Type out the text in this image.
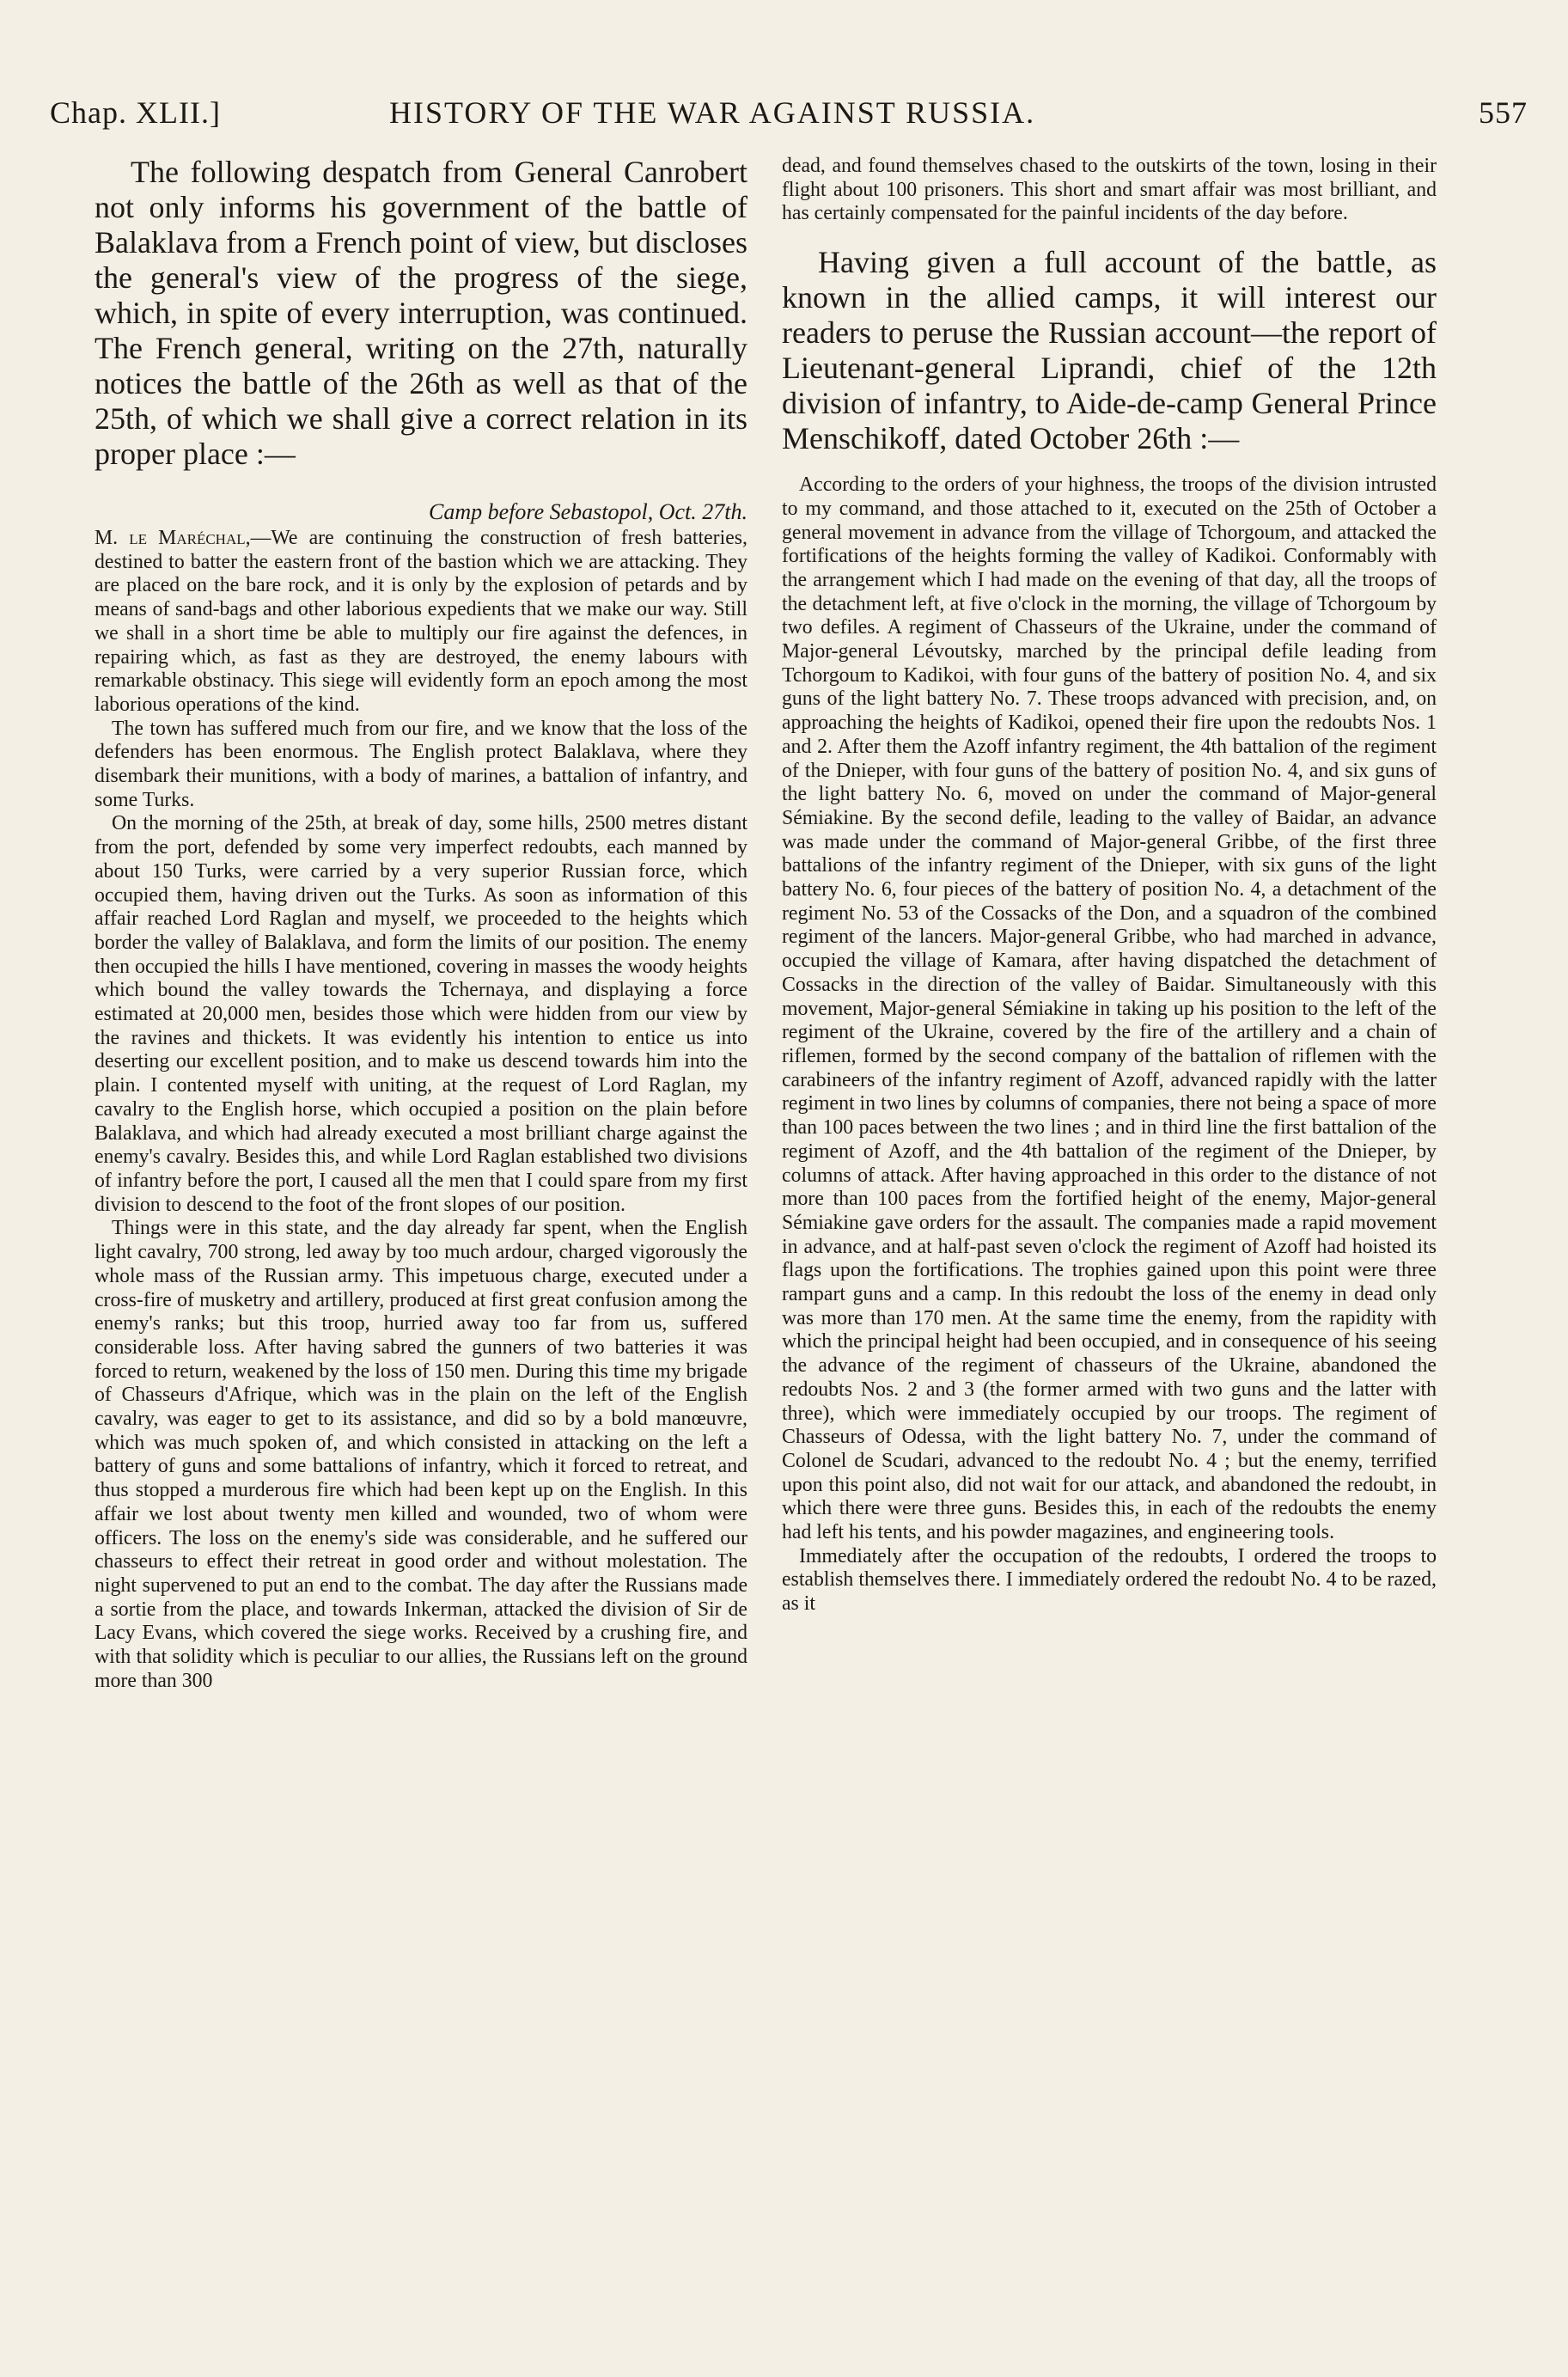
Chap. XLII.]	HISTORY OF THE WAR AGAINST RUSSIA.	557

The following despatch from General Canrobert not only informs his government of the battle of Balaklava from a French point of view, but discloses the general's view of the progress of the siege, which, in spite of every interruption, was continued. The French general, writing on the 27th, naturally notices the battle of the 26th as well as that of the 25th, of which we shall give a correct relation in its proper place :—

Camp before Sebastopol, Oct. 27th.

M. le Maréchal,—We are continuing the construction of fresh batteries, destined to batter the eastern front of the bastion which we are attacking. They are placed on the bare rock, and it is only by the explosion of petards and by means of sand-bags and other laborious expedients that we make our way. Still we shall in a short time be able to multiply our fire against the defences, in repairing which, as fast as they are destroyed, the enemy labours with remarkable obstinacy. This siege will evidently form an epoch among the most laborious operations of the kind.

The town has suffered much from our fire, and we know that the loss of the defenders has been enormous. The English protect Balaklava, where they disembark their munitions, with a body of marines, a battalion of infantry, and some Turks.

On the morning of the 25th, at break of day, some hills, 2500 metres distant from the port, defended by some very imperfect redoubts, each manned by about 150 Turks, were carried by a very superior Russian force, which occupied them, having driven out the Turks. As soon as information of this affair reached Lord Raglan and myself, we proceeded to the heights which border the valley of Balaklava, and form the limits of our position. The enemy then occupied the hills I have mentioned, covering in masses the woody heights which bound the valley towards the Tchernaya, and displaying a force estimated at 20,000 men, besides those which were hidden from our view by the ravines and thickets. It was evidently his intention to entice us into deserting our excellent position, and to make us descend towards him into the plain. I contented myself with uniting, at the request of Lord Raglan, my cavalry to the English horse, which occupied a position on the plain before Balaklava, and which had already executed a most brilliant charge against the enemy's cavalry. Besides this, and while Lord Raglan established two divisions of infantry before the port, I caused all the men that I could spare from my first division to descend to the foot of the front slopes of our position.

Things were in this state, and the day already far spent, when the English light cavalry, 700 strong, led away by too much ardour, charged vigorously the whole mass of the Russian army. This impetuous charge, executed under a cross-fire of musketry and artillery, produced at first great confusion among the enemy's ranks; but this troop, hurried away too far from us, suffered considerable loss. After having sabred the gunners of two batteries it was forced to return, weakened by the loss of 150 men. During this time my brigade of Chasseurs d'Afrique, which was in the plain on the left of the English cavalry, was eager to get to its assistance, and did so by a bold manœuvre, which was much spoken of, and which consisted in attacking on the left a battery of guns and some battalions of infantry, which it forced to retreat, and thus stopped a murderous fire which had been kept up on the English. In this affair we lost about twenty men killed and wounded, two of whom were officers. The loss on the enemy's side was considerable, and he suffered our chasseurs to effect their retreat in good order and without molestation. The night supervened to put an end to the combat. The day after the Russians made a sortie from the place, and towards Inkerman, attacked the division of Sir de Lacy Evans, which covered the siege works. Received by a crushing fire, and with that solidity which is peculiar to our allies, the Russians left on the ground more than 300

dead, and found themselves chased to the outskirts of the town, losing in their flight about 100 prisoners. This short and smart affair was most brilliant, and has certainly compensated for the painful incidents of the day before.

Having given a full account of the battle, as known in the allied camps, it will interest our readers to peruse the Russian account—the report of Lieutenant-general Liprandi, chief of the 12th division of infantry, to Aide-de-camp General Prince Menschikoff, dated October 26th :—

According to the orders of your highness, the troops of the division intrusted to my command, and those attached to it, executed on the 25th of October a general movement in advance from the village of Tchorgoum, and attacked the fortifications of the heights forming the valley of Kadikoi. Conformably with the arrangement which I had made on the evening of that day, all the troops of the detachment left, at five o'clock in the morning, the village of Tchorgoum by two defiles. A regiment of Chasseurs of the Ukraine, under the command of Major-general Lévoutsky, marched by the principal defile leading from Tchorgoum to Kadikoi, with four guns of the battery of position No. 4, and six guns of the light battery No. 7. These troops advanced with precision, and, on approaching the heights of Kadikoi, opened their fire upon the redoubts Nos. 1 and 2. After them the Azoff infantry regiment, the 4th battalion of the regiment of the Dnieper, with four guns of the battery of position No. 4, and six guns of the light battery No. 6, moved on under the command of Major-general Sémiakine. By the second defile, leading to the valley of Baidar, an advance was made under the command of Major-general Gribbe, of the first three battalions of the infantry regiment of the Dnieper, with six guns of the light battery No. 6, four pieces of the battery of position No. 4, a detachment of the regiment No. 53 of the Cossacks of the Don, and a squadron of the combined regiment of the lancers. Major-general Gribbe, who had marched in advance, occupied the village of Kamara, after having dispatched the detachment of Cossacks in the direction of the valley of Baidar. Simultaneously with this movement, Major-general Sémiakine in taking up his position to the left of the regiment of the Ukraine, covered by the fire of the artillery and a chain of riflemen, formed by the second company of the battalion of riflemen with the carabineers of the infantry regiment of Azoff, advanced rapidly with the latter regiment in two lines by columns of companies, there not being a space of more than 100 paces between the two lines ; and in third line the first battalion of the regiment of Azoff, and the 4th battalion of the regiment of the Dnieper, by columns of attack. After having approached in this order to the distance of not more than 100 paces from the fortified height of the enemy, Major-general Sémiakine gave orders for the assault. The companies made a rapid movement in advance, and at half-past seven o'clock the regiment of Azoff had hoisted its flags upon the fortifications. The trophies gained upon this point were three rampart guns and a camp. In this redoubt the loss of the enemy in dead only was more than 170 men. At the same time the enemy, from the rapidity with which the principal height had been occupied, and in consequence of his seeing the advance of the regiment of chasseurs of the Ukraine, abandoned the redoubts Nos. 2 and 3 (the former armed with two guns and the latter with three), which were immediately occupied by our troops. The regiment of Chasseurs of Odessa, with the light battery No. 7, under the command of Colonel de Scudari, advanced to the redoubt No. 4 ; but the enemy, terrified upon this point also, did not wait for our attack, and abandoned the redoubt, in which there were three guns. Besides this, in each of the redoubts the enemy had left his tents, and his powder magazines, and engineering tools.

Immediately after the occupation of the redoubts, I ordered the troops to establish themselves there. I immediately ordered the redoubt No. 4 to be razed, as it
